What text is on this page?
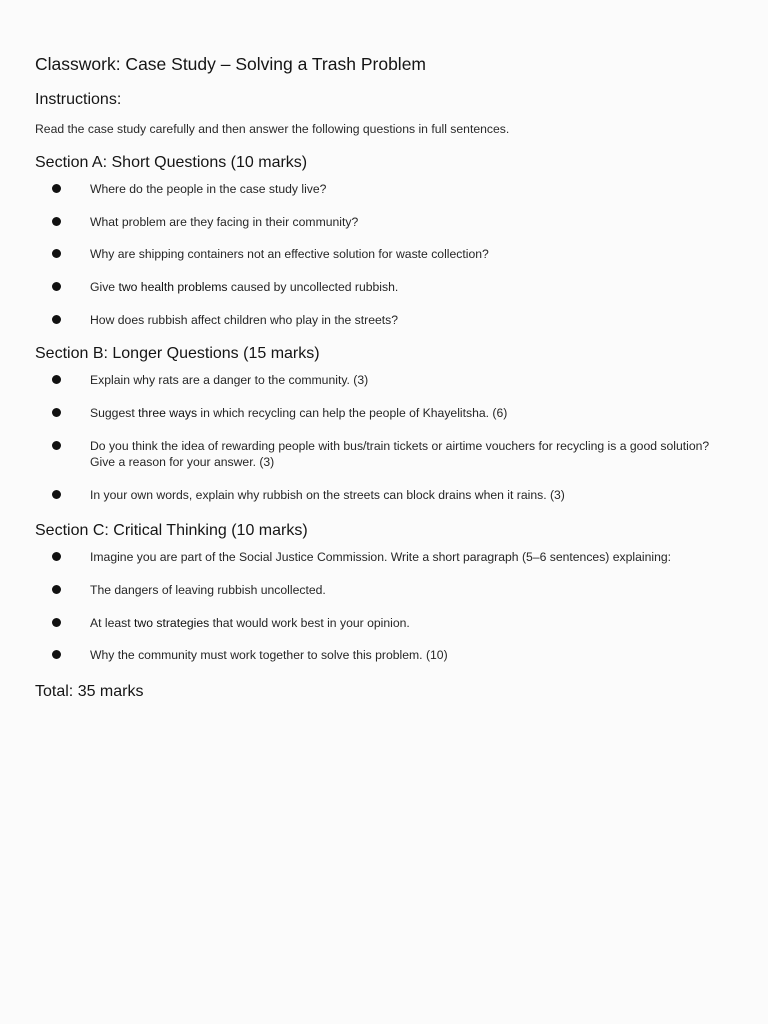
Classwork: Case Study – Solving a Trash Problem
Instructions:

Read the case study carefully and then answer the following questions in full sentences.

Section A: Short Questions (10 marks)
Where do the people in the case study live?
What problem are they facing in their community?
Why are shipping containers not an effective solution for waste collection?
Give two health problems caused by uncollected rubbish.
How does rubbish affect children who play in the streets?
Section B: Longer Questions (15 marks)
Explain why rats are a danger to the community. (3)
Suggest three ways in which recycling can help the people of Khayelitsha. (6)
Do you think the idea of rewarding people with bus/train tickets or airtime vouchers for recycling is a good solution? Give a reason for your answer. (3)
In your own words, explain why rubbish on the streets can block drains when it rains. (3)
Section C: Critical Thinking (10 marks)
Imagine you are part of the Social Justice Commission. Write a short paragraph (5–6 sentences) explaining:
The dangers of leaving rubbish uncollected.
At least two strategies that would work best in your opinion.
Why the community must work together to solve this problem. (10)
Total: 35 marks
